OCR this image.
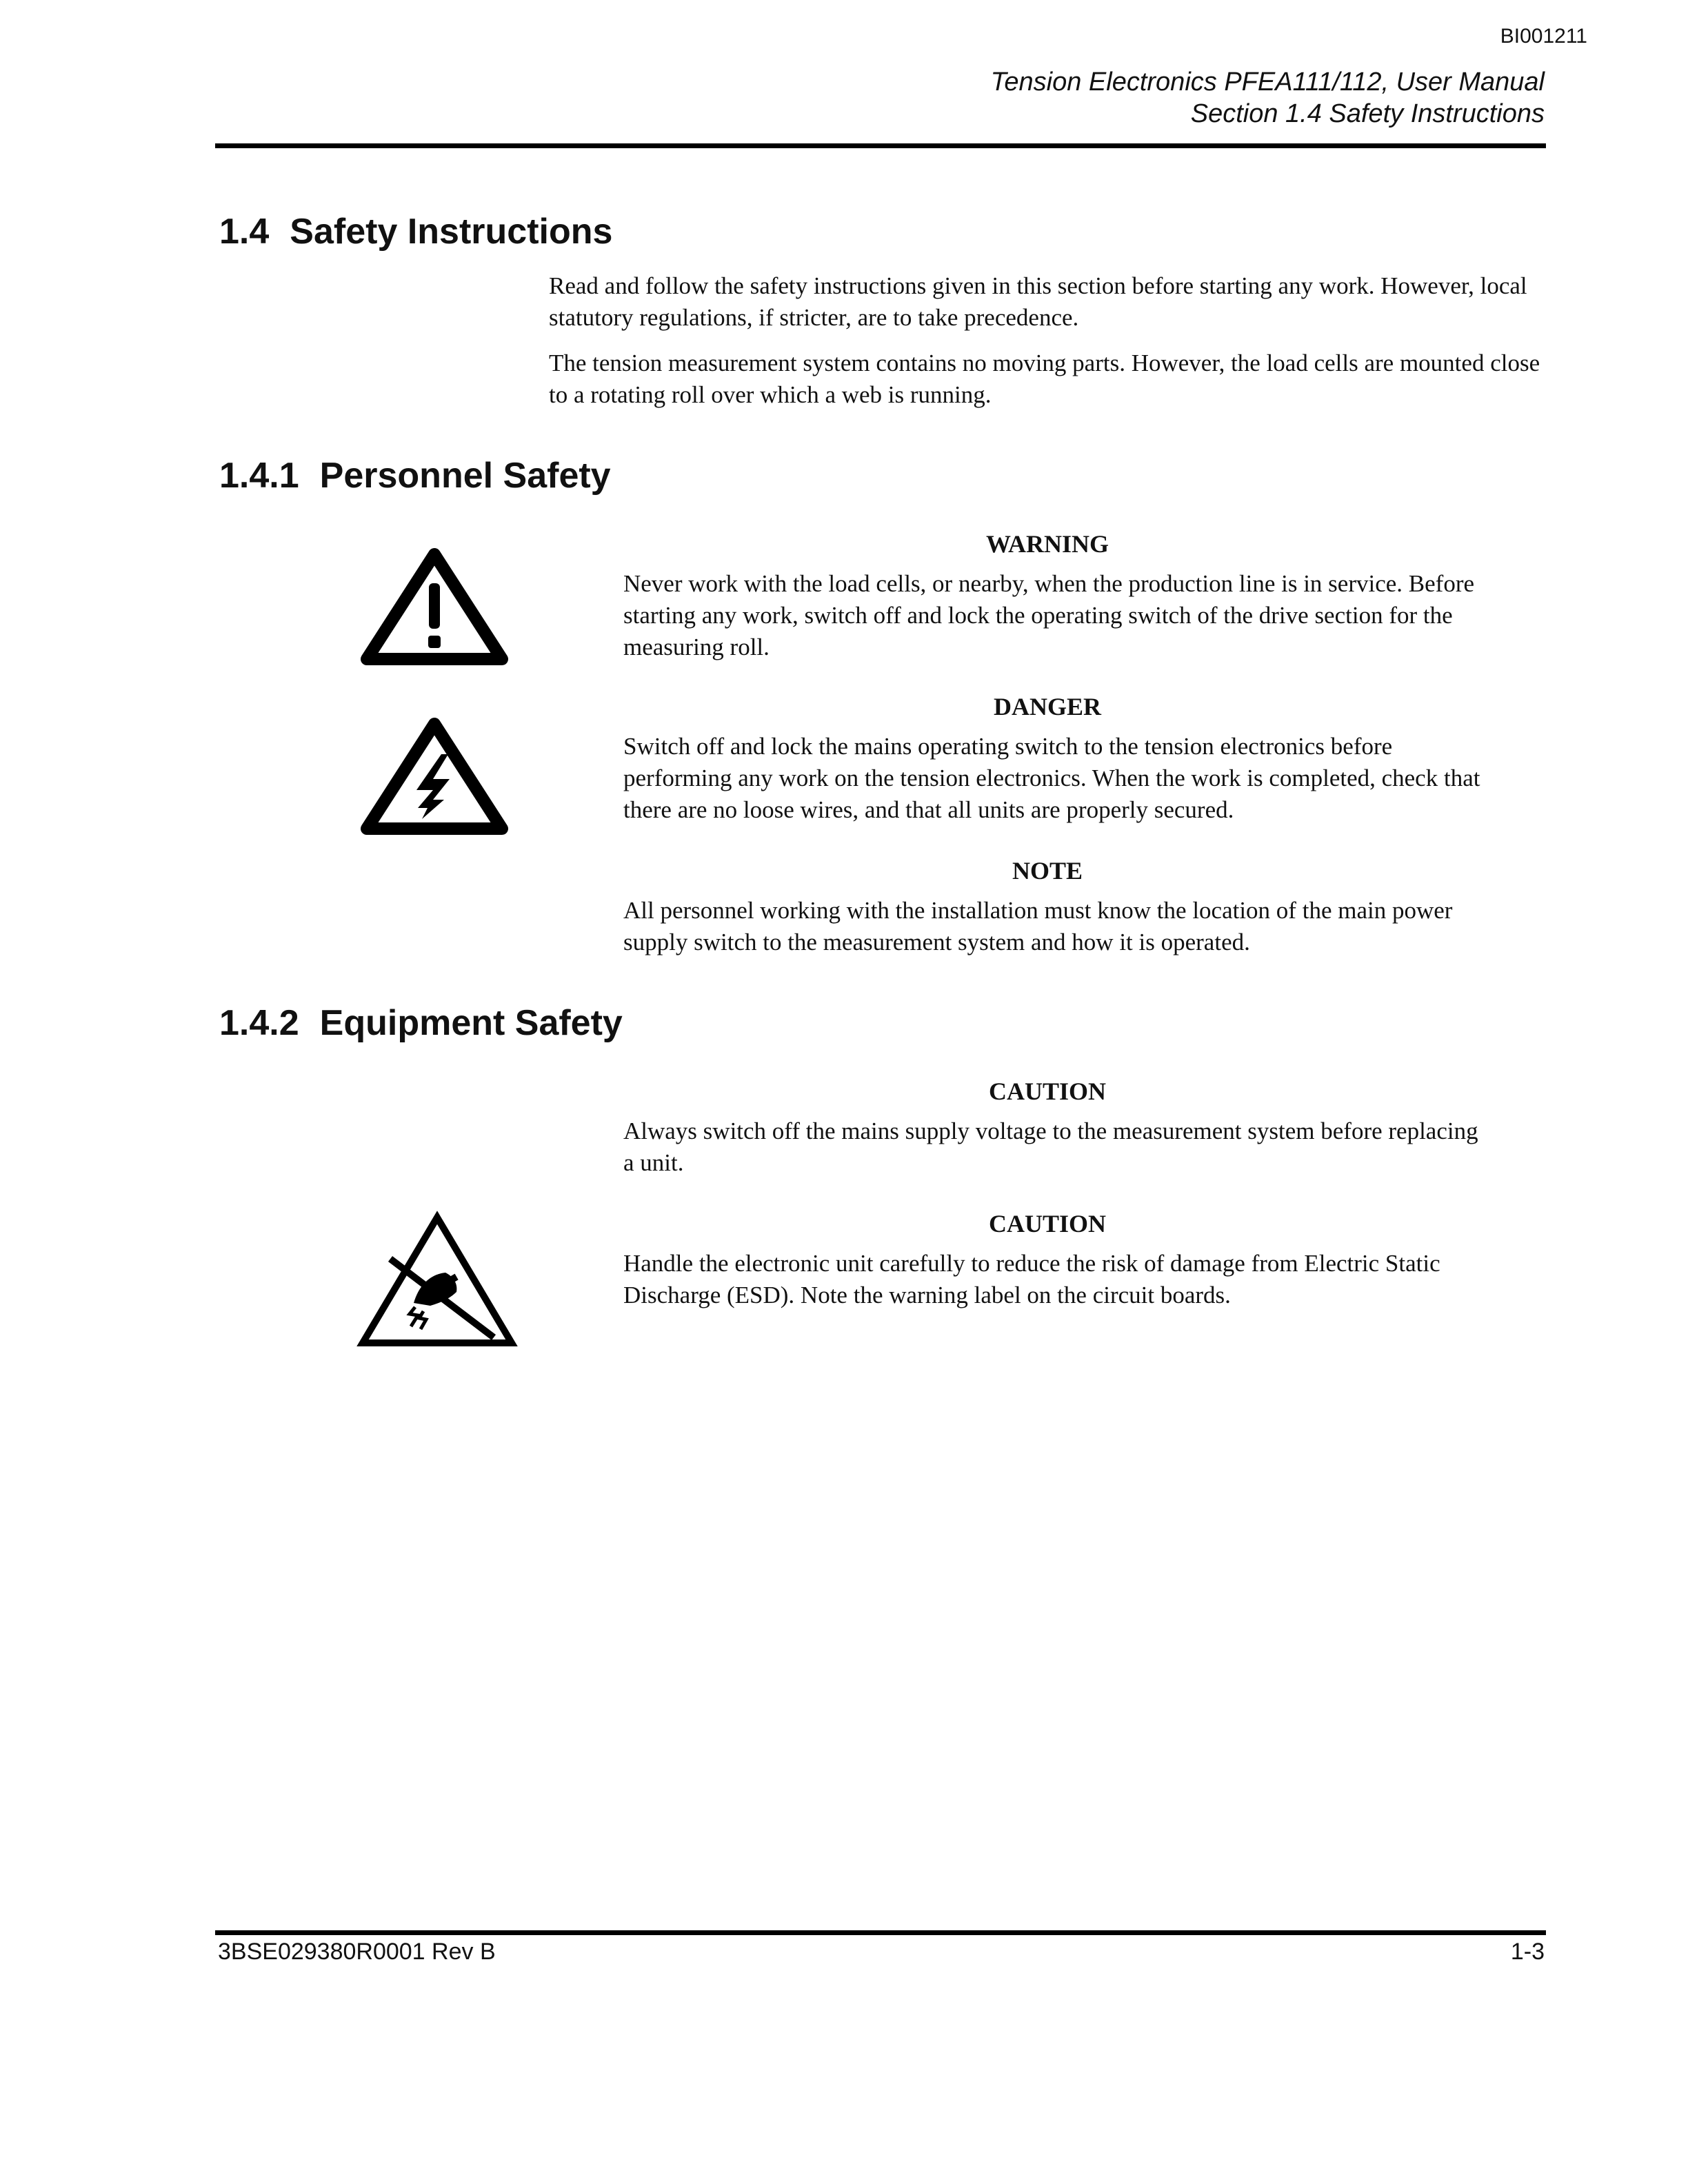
BI001211
Tension Electronics PFEA111/112, User Manual
Section 1.4 Safety Instructions
1.4 Safety Instructions

Read and follow the safety instructions given in this section before starting any work. However, local statutory regulations, if stricter, are to take precedence.

The tension measurement system contains no moving parts. However, the load cells are mounted close to a rotating roll over which a web is running.

1.4.1 Personnel Safety
WARNING

Never work with the load cells, or nearby, when the production line is in service. Before starting any work, switch off and lock the operating switch of the drive section for the measuring roll.

DANGER

Switch off and lock the mains operating switch to the tension electronics before performing any work on the tension electronics. When the work is completed, check that there are no loose wires, and that all units are properly secured.

NOTE

All personnel working with the installation must know the location of the main power supply switch to the measurement system and how it is operated.

1.4.2 Equipment Safety
CAUTION

Always switch off the mains supply voltage to the measurement system before replacing a unit.

CAUTION

Handle the electronic unit carefully to reduce the risk of damage from Electric Static Discharge (ESD). Note the warning label on the circuit boards.

3BSE029380R0001 Rev B	1-3
